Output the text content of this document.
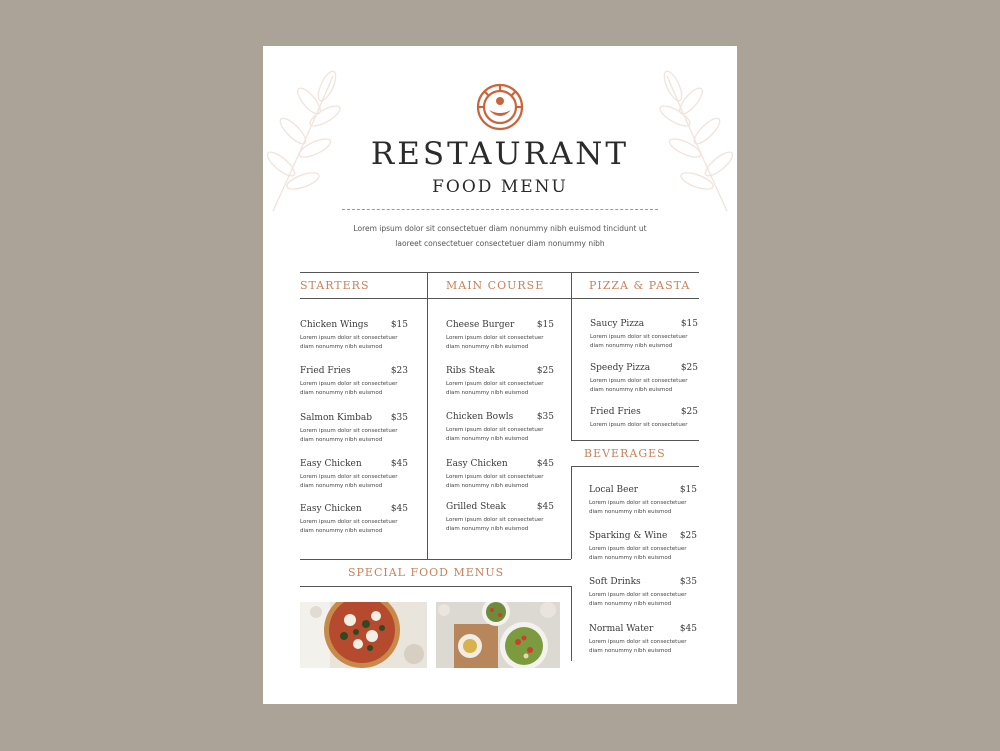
RESTAURANT
FOOD MENU
Lorem ipsum dolor sit consectetuer diam nonummy nibh euismod tincidunt ut
laoreet consectetuer consectetuer diam nonummy nibh
STARTERS	MAIN COURSE	PIZZA & PASTA
BEVERAGES
SPECIAL FOOD MENUS
Chicken Wings	$15
Lorem ipsum dolor sit consectetuer
diam nonummy nibh euismod
Fried Fries	$23
Lorem ipsum dolor sit consectetuer
diam nonummy nibh euismod
Salmon Kimbab	$35
Lorem ipsum dolor sit consectetuer
diam nonummy nibh euismod
Easy Chicken	$45
Lorem ipsum dolor sit consectetuer
diam nonummy nibh euismod
Easy Chicken	$45
Lorem ipsum dolor sit consectetuer
diam nonummy nibh euismod
Cheese Burger	$15
Lorem ipsum dolor sit consectetuer
diam nonummy nibh euismod
Ribs Steak	$25
Lorem ipsum dolor sit consectetuer
diam nonummy nibh euismod
Chicken Bowls	$35
Lorem ipsum dolor sit consectetuer
diam nonummy nibh euismod
Easy Chicken	$45
Lorem ipsum dolor sit consectetuer
diam nonummy nibh euismod
Grilled Steak	$45
Lorem ipsum dolor sit consectetuer
diam nonummy nibh euismod
Saucy Pizza	$15
Lorem ipsum dolor sit consectetuer
diam nonummy nibh euismod
Speedy Pizza	$25
Lorem ipsum dolor sit consectetuer
diam nonummy nibh euismod
Fried Fries	$25
Lorem ipsum dolor sit consectetuer
Local Beer	$15
Lorem ipsum dolor sit consectetuer
diam nonummy nibh euismod
Sparking & Wine	$25
Lorem ipsum dolor sit consectetuer
diam nonummy nibh euismod
Soft Drinks	$35
Lorem ipsum dolor sit consectetuer
diam nonummy nibh euismod
Normal Water	$45
Lorem ipsum dolor sit consectetuer
diam nonummy nibh euismod
